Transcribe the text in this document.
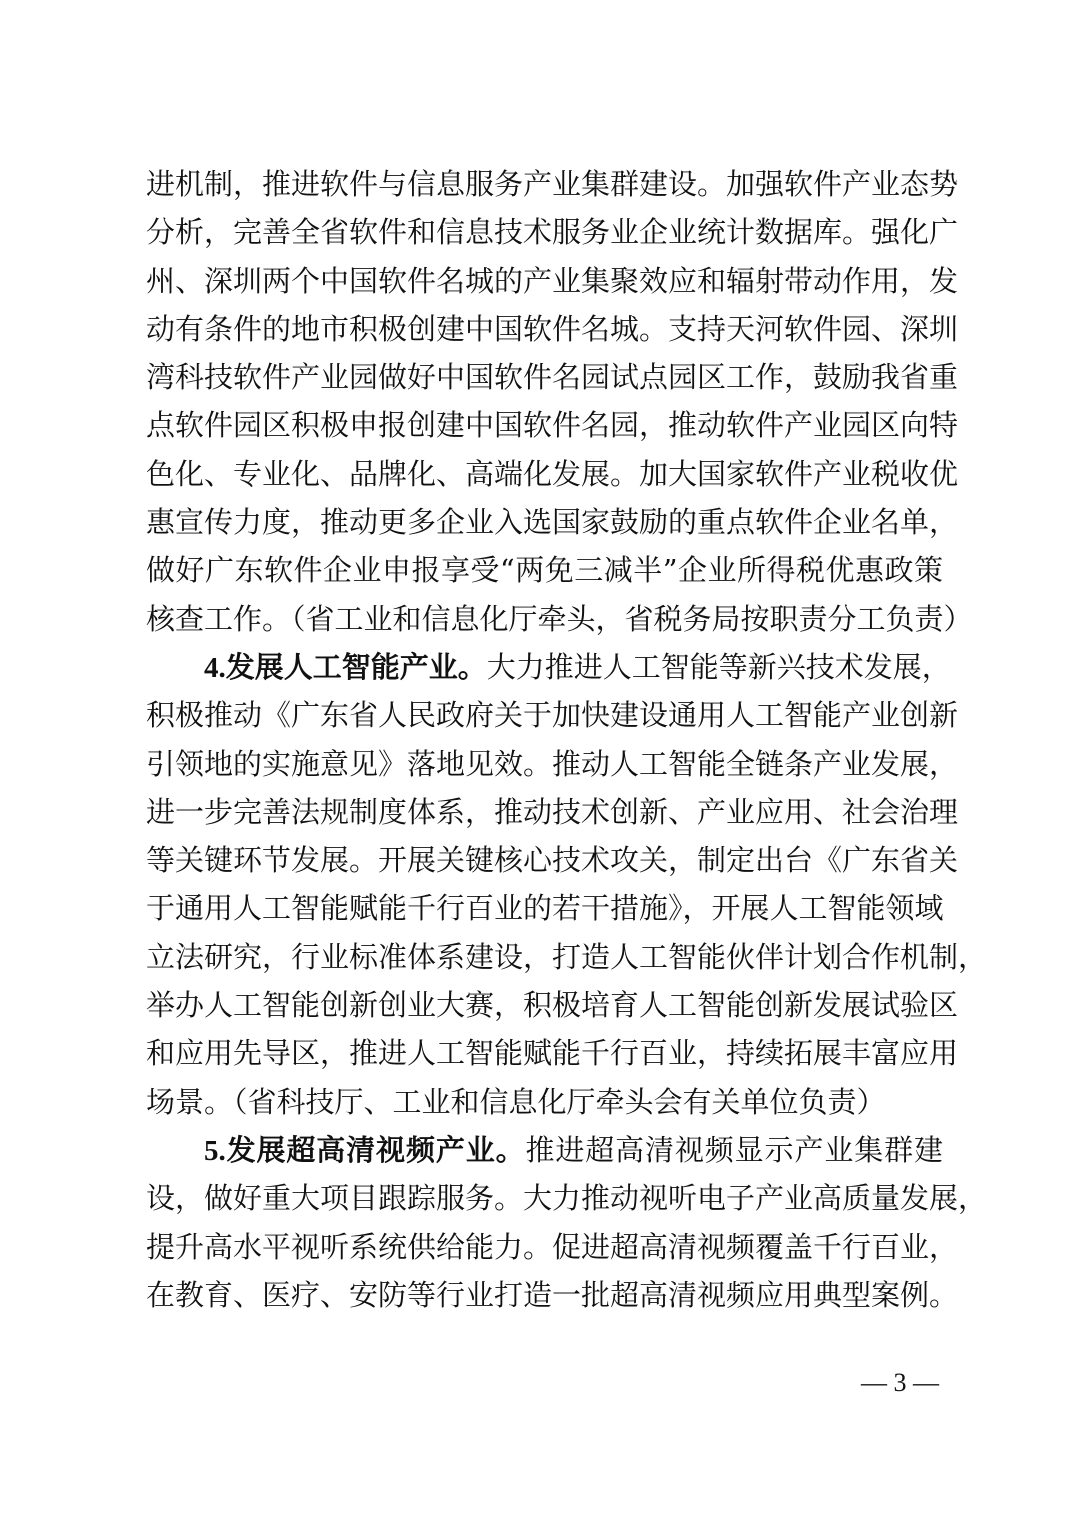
进机制，推进软件与信息服务产业集群建设。加强软件产业态势
分析，完善全省软件和信息技术服务业企业统计数据库。强化广
州、深圳两个中国软件名城的产业集聚效应和辐射带动作用，发
动有条件的地市积极创建中国软件名城。支持天河软件园、深圳
湾科技软件产业园做好中国软件名园试点园区工作，鼓励我省重
点软件园区积极申报创建中国软件名园，推动软件产业园区向特
色化、专业化、品牌化、高端化发展。加大国家软件产业税收优
惠宣传力度，推动更多企业入选国家鼓励的重点软件企业名单，
做好广东软件企业申报享受“两免三减半”企业所得税优惠政策
核查工作。（省工业和信息化厅牵头，省税务局按职责分工负责）
4.发展人工智能产业。大力推进人工智能等新兴技术发展，
积极推动《广东省人民政府关于加快建设通用人工智能产业创新
引领地的实施意见》落地见效。推动人工智能全链条产业发展，
进一步完善法规制度体系，推动技术创新、产业应用、社会治理
等关键环节发展。开展关键核心技术攻关，制定出台《广东省关
于通用人工智能赋能千行百业的若干措施》，开展人工智能领域
立法研究，行业标准体系建设，打造人工智能伙伴计划合作机制，
举办人工智能创新创业大赛，积极培育人工智能创新发展试验区
和应用先导区，推进人工智能赋能千行百业，持续拓展丰富应用
场景。（省科技厅、工业和信息化厅牵头会有关单位负责）
5.发展超高清视频产业。推进超高清视频显示产业集群建
设，做好重大项目跟踪服务。大力推动视听电子产业高质量发展，
提升高水平视听系统供给能力。促进超高清视频覆盖千行百业，
在教育、医疗、安防等行业打造一批超高清视频应用典型案例。
— 3 —
